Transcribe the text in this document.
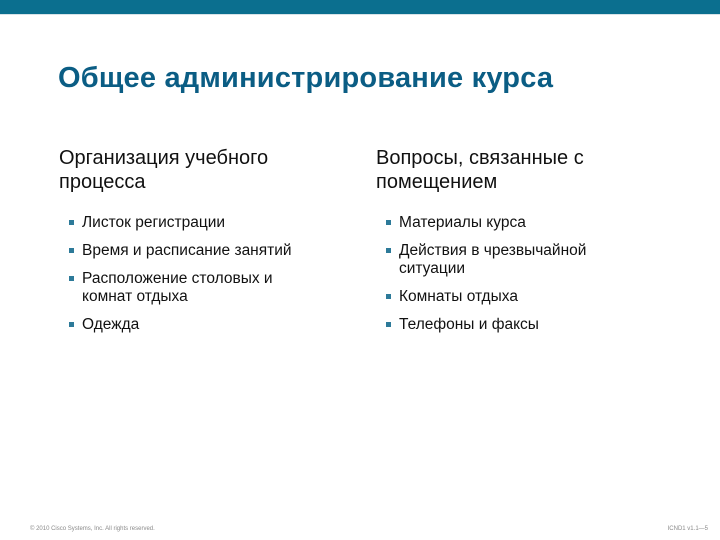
Общее администрирование курса
Организация учебного процесса
Листок регистрации
Время и расписание занятий
Расположение столовых и комнат отдыха
Одежда
Вопросы, связанные с помещением
Материалы курса
Действия в чрезвычайной ситуации
Комнаты отдыха
Телефоны и факсы
© 2010 Cisco Systems, Inc. All rights reserved.	ICND1 v1.1—5
